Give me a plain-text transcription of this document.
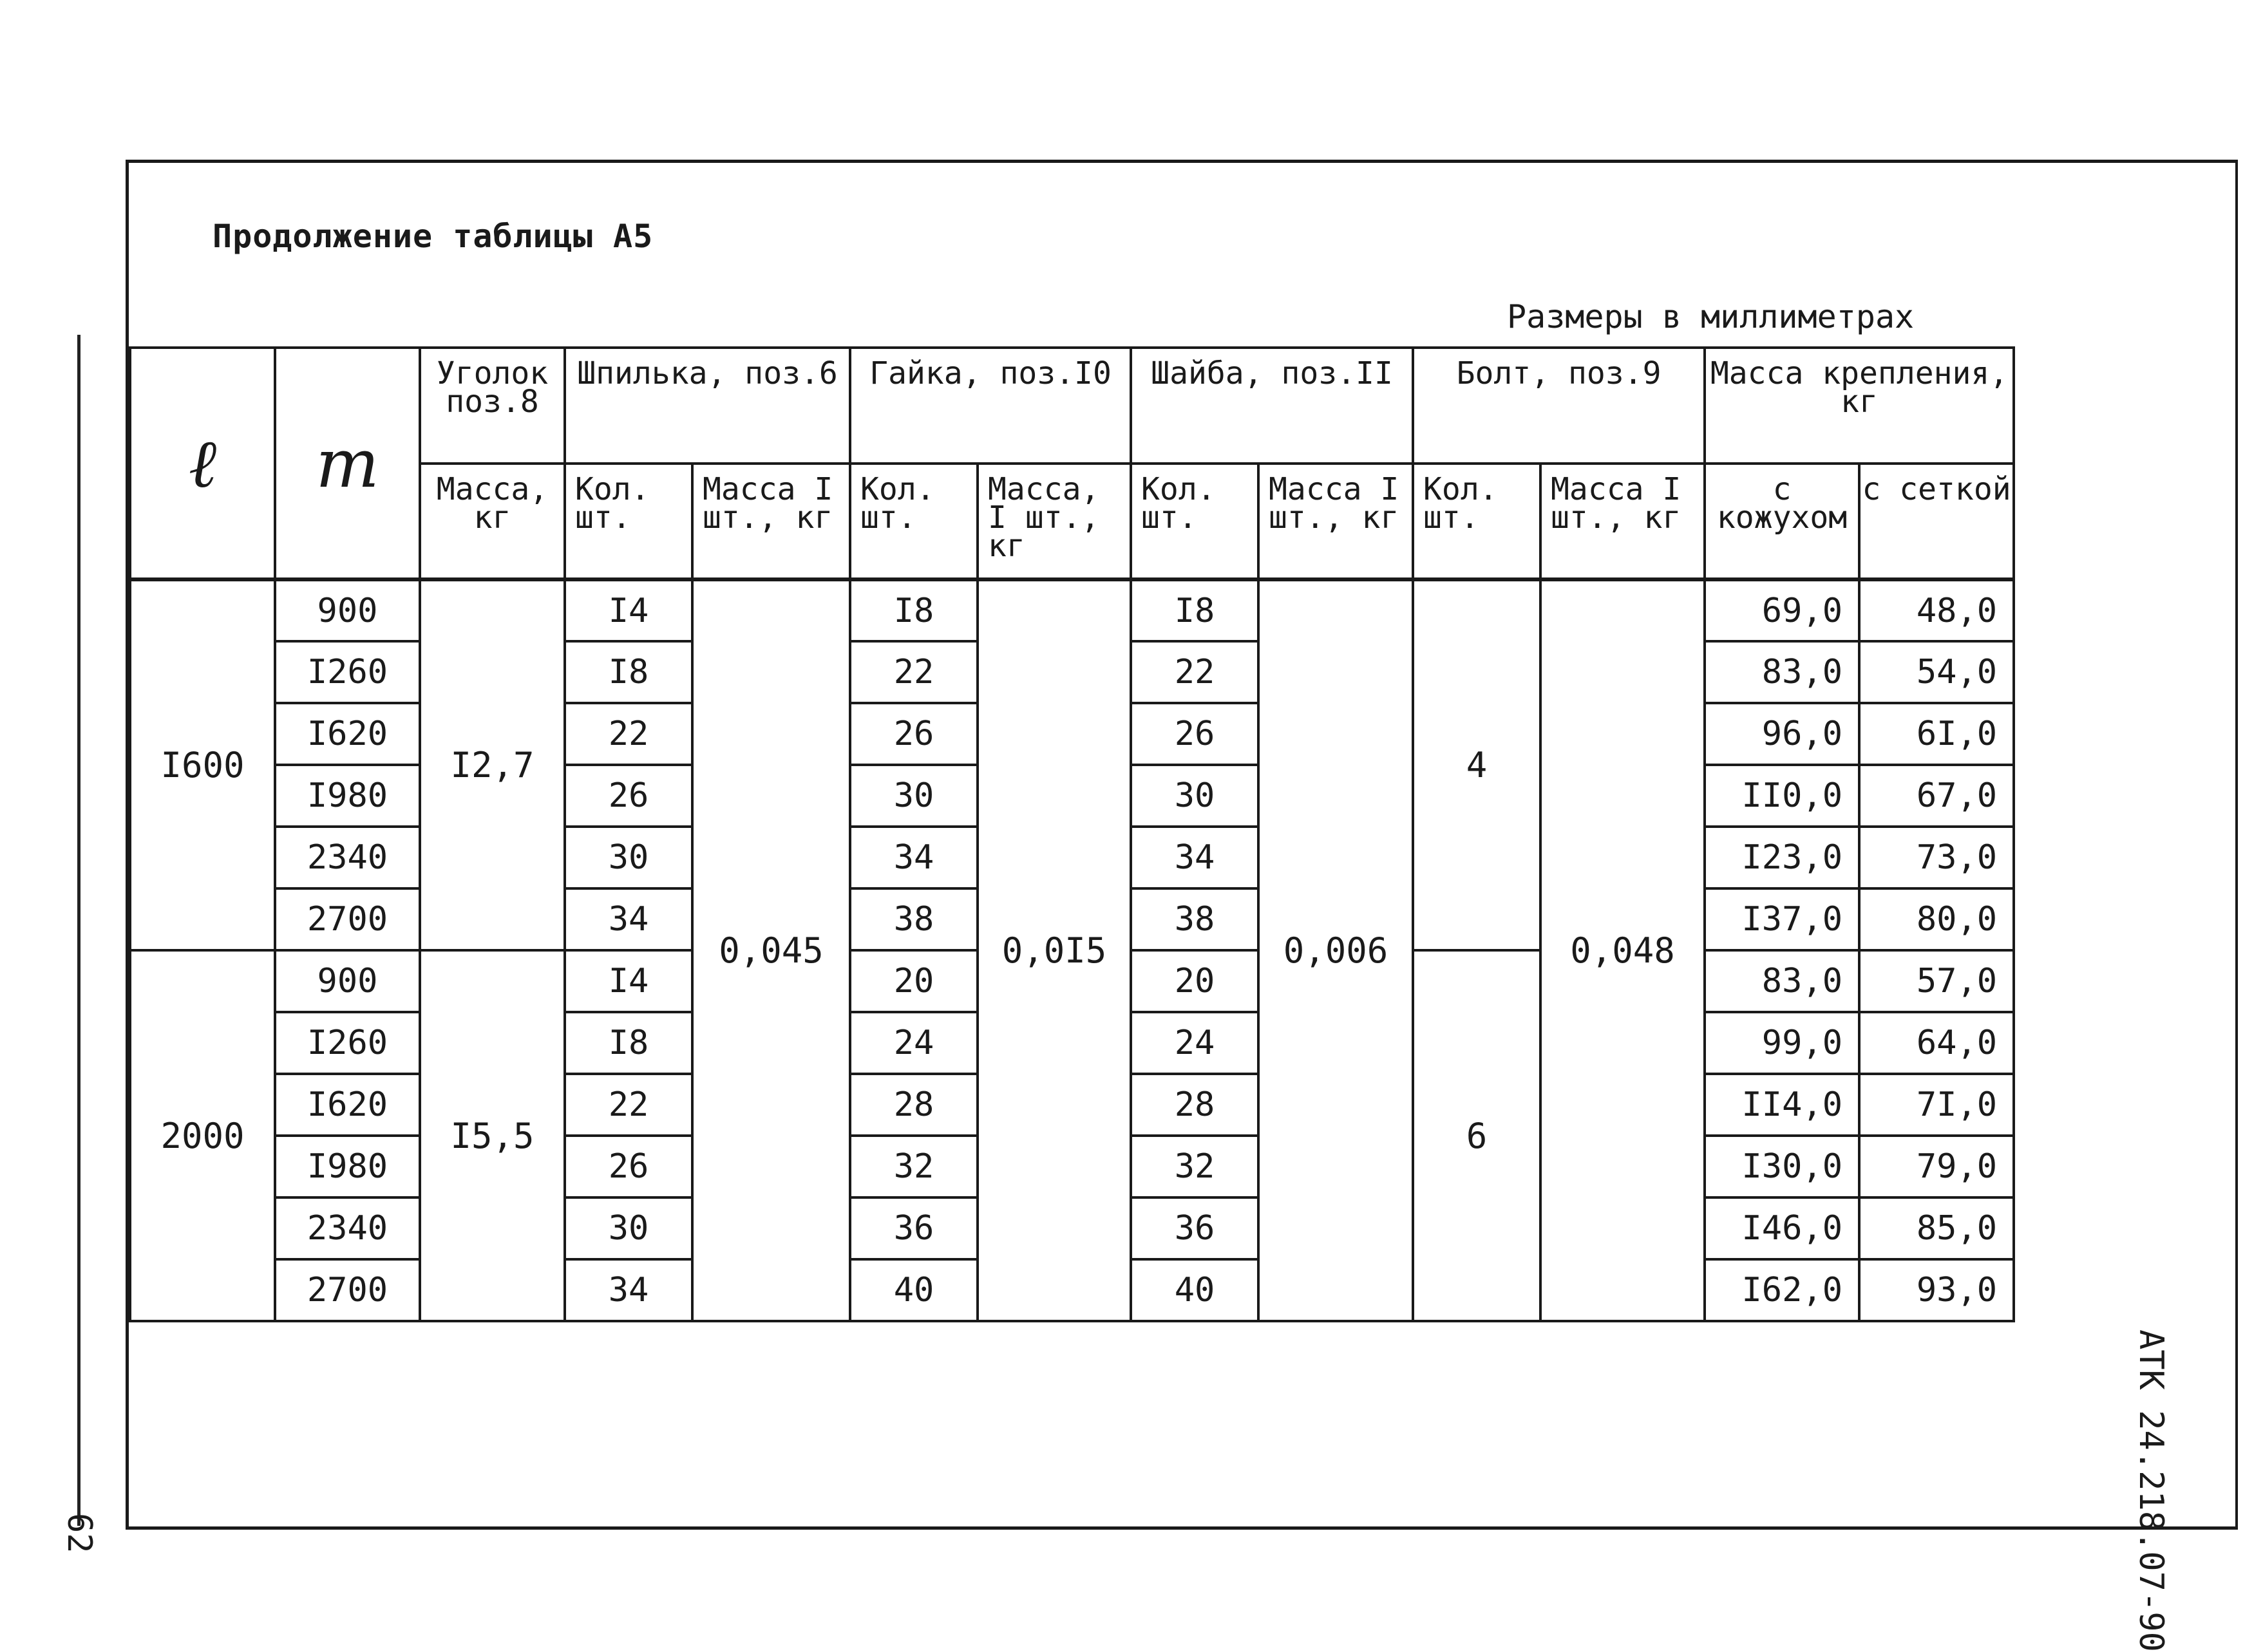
Продолжение таблицы А5
Размеры в миллиметрах
АТК 24.218.07-90
62
ℓ	m	Уголок поз.8	Шпилька, поз.6		Гайка, поз.I0		Шайба, поз.II		Болт, поз.9		Масса крепления, кг	
		Масса, кг	Кол. шт.	Масса I шт., кг	Кол. шт.	Масса, I шт., кг	Кол. шт.	Масса I шт., кг	Кол. шт.	Масса I шт., кг	с кожухом	с сеткой
I600	900	I2,7	I4	0,045	I8	0,0I5	I8	0,006	4	0,048	69,0	48,0
	I260		I8		22		22				83,0	54,0
	I620		22		26		26				96,0	6I,0
	I980		26		30		30				II0,0	67,0
	2340		30		34		34				I23,0	73,0
	2700		34		38		38				I37,0	80,0
2000	900	I5,5	I4		20		20		6		83,0	57,0
	I260		I8		24		24				99,0	64,0
	I620		22		28		28				II4,0	7I,0
	I980		26		32		32				I30,0	79,0
	2340		30		36		36				I46,0	85,0
	2700		34		40		40				I62,0	93,0
